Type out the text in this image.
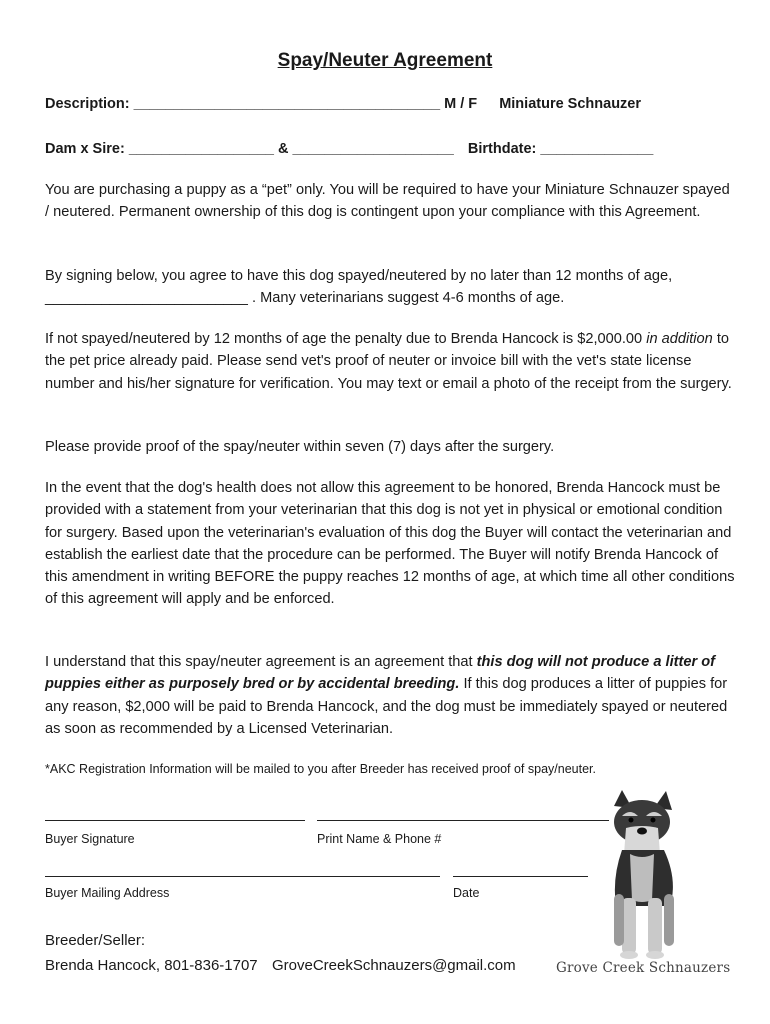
Spay/Neuter Agreement
Description: ______________________________________ M / F Miniature Schnauzer
Dam x Sire: __________________ & ____________________ Birthdate: ______________
You are purchasing a puppy as a “pet” only. You will be required to have your Miniature Schnauzer spayed / neutered. Permanent ownership of this dog is contingent upon your compliance with this Agreement.
By signing below, you agree to have this dog spayed/neutered by no later than 12 months of age, _________________________ . Many veterinarians suggest 4-6 months of age.
If not spayed/neutered by 12 months of age the penalty due to Brenda Hancock is $2,000.00 in addition to the pet price already paid. Please send vet's proof of neuter or invoice bill with the vet's state license number and his/her signature for verification. You may text or email a photo of the receipt from the surgery.
Please provide proof of the spay/neuter within seven (7) days after the surgery.
In the event that the dog's health does not allow this agreement to be honored, Brenda Hancock must be provided with a statement from your veterinarian that this dog is not yet in physical or emotional condition for surgery. Based upon the veterinarian's evaluation of this dog the Buyer will contact the veterinarian and establish the earliest date that the procedure can be performed. The Buyer will notify Brenda Hancock of this amendment in writing BEFORE the puppy reaches 12 months of age, at which time all other conditions of this agreement will apply and be enforced.
I understand that this spay/neuter agreement is an agreement that this dog will not produce a litter of puppies either as purposely bred or by accidental breeding. If this dog produces a litter of puppies for any reason, $2,000 will be paid to Brenda Hancock, and the dog must be immediately spayed or neutered as soon as recommended by a Licensed Veterinarian.
*AKC Registration Information will be mailed to you after Breeder has received proof of spay/neuter.
Buyer Signature	Print Name & Phone #
Buyer Mailing Address	Date
Breeder/Seller:
Brenda Hancock, 801-836-1707 GroveCreekSchnauzers@gmail.com	Grove Creek Schnauzers
